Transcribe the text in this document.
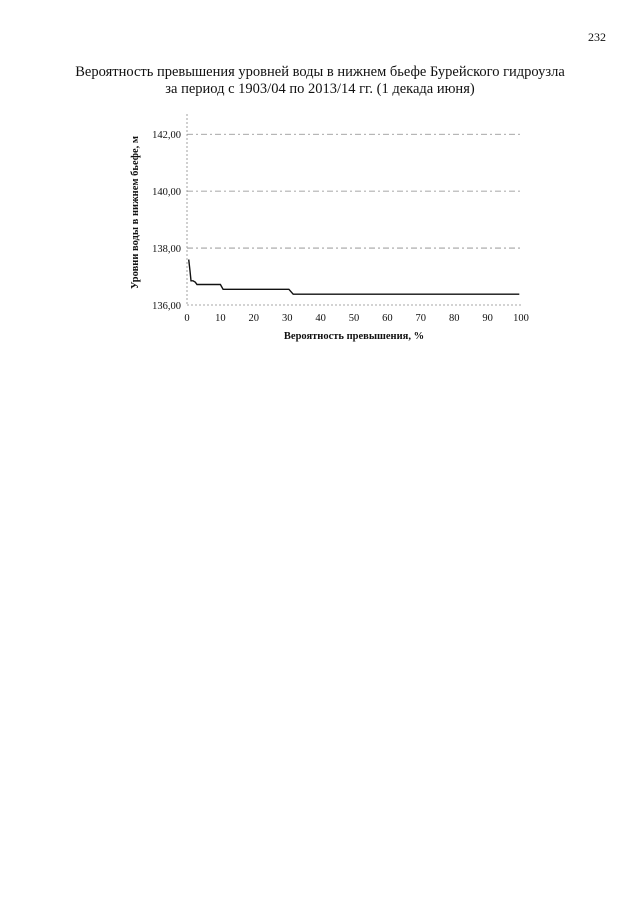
232
Вероятность превышения уровней воды в нижнем бьефе Бурейского гидроузла
за период с 1903/04 по 2013/14 гг. (1 декада июня)
136,00
138,00
140,00
142,00
0 10 20 30 40 50 60 70 80 90 100
Вероятность превышения, %
Уровни воды в нижнем бьефе, м
